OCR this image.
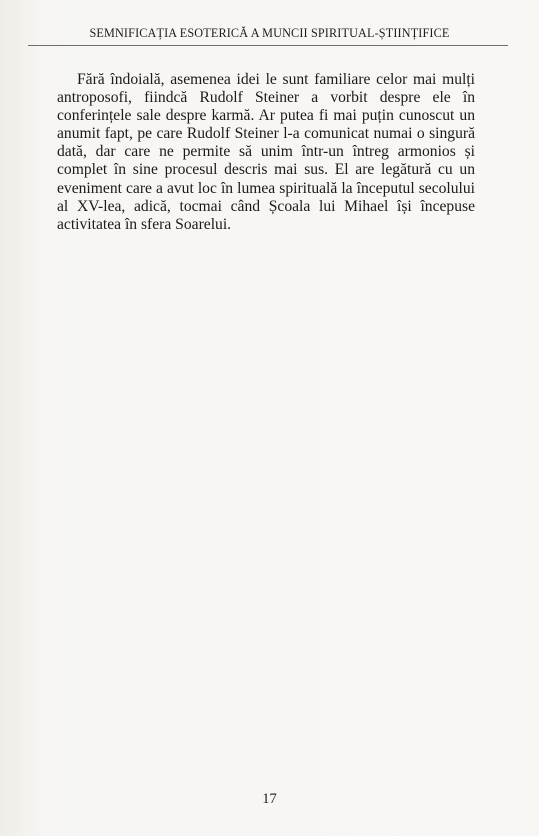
SEMNIFICAȚIA ESOTERICĂ A MUNCII SPIRITUAL-ȘTIINȚIFICE
Fără îndoială, asemenea idei le sunt familiare celor mai mulți
antroposofi, fiindcă Rudolf Steiner a vorbit despre ele în
conferințele sale despre karmă. Ar putea fi mai puțin cunoscut un
anumit fapt, pe care Rudolf Steiner l-a comunicat numai o singură
dată, dar care ne permite să unim într-un întreg armonios și
complet în sine procesul descris mai sus. El are legătură cu un
eveniment care a avut loc în lumea spirituală la începutul secolului
al XV-lea, adică, tocmai când Școala lui Mihael își începuse
activitatea în sfera Soarelui.
17
